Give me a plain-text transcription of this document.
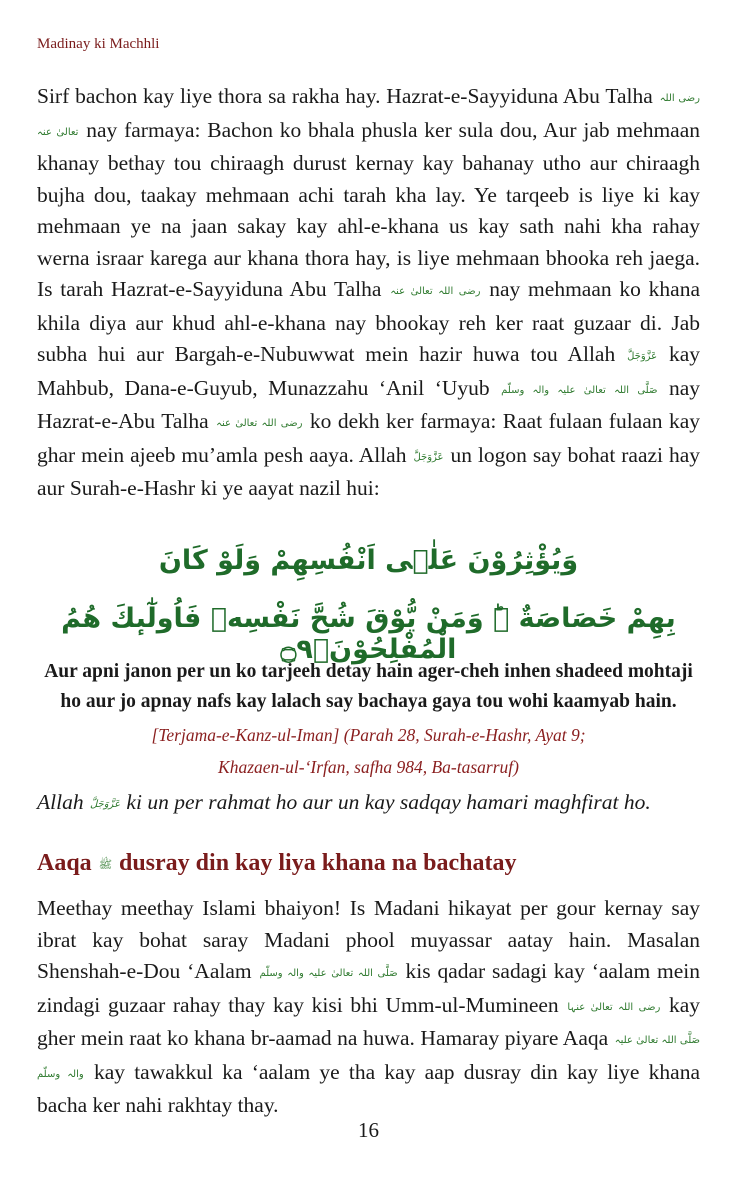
Madinay ki Machhli

Sirf bachon kay liye thora sa rakha hay. Hazrat-e-Sayyiduna Abu Talha رضی اللہ تعالیٰ عنہ nay farmaya: Bachon ko bhala phusla ker sula dou, Aur jab mehmaan khanay bethay tou chiraagh durust kernay kay bahanay utho aur chiraagh bujha dou, taakay mehmaan achi tarah kha lay. Ye tarqeeb is liye ki kay mehmaan ye na jaan sakay kay ahl-e-khana us kay sath nahi kha rahay werna israar karega aur khana thora hay, is liye mehmaan bhooka reh jaega. Is tarah Hazrat-e-Sayyiduna Abu Talha رضی اللہ تعالیٰ عنہ nay mehmaan ko khana khila diya aur khud ahl-e-khana nay bhookay reh ker raat guzaar di. Jab subha hui aur Bargah-e-Nubuwwat mein hazir huwa tou Allah عَزَّوَجَلَّ kay Mahbub, Dana-e-Guyub, Munazzahu ‘Anil ‘Uyub صَلَّی اللہ تعالیٰ علیہ والہ وسلّم nay Hazrat-e-Abu Talha رضی اللہ تعالیٰ عنہ ko dekh ker farmaya: Raat fulaan fulaan kay ghar mein ajeeb mu’amla pesh aaya. Allah عَزَّوَجَلَّ un logon say bohat raazi hay aur Surah-e-Hashr ki ye aayat nazil hui:

وَيُؤْثِرُوْنَ عَلٰۤى اَنْفُسِهِمْ وَلَوْ كَانَ

بِهِمْ خَصَاصَةٌ ۫ؕ وَمَنْ يُّوْقَ شُحَّ نَفْسِهٖ فَاُولٰٓىٕكَ هُمُ الْمُفْلِحُوْنَۚ۝۹

Aur apni janon per un ko tarjeeh detay hain ager-cheh inhen shadeed mohtaji
ho aur jo apnay nafs kay lalach say bachaya gaya tou wohi kaamyab hain.

[Terjama-e-Kanz-ul-Iman] (Parah 28, Surah-e-Hashr, Ayat 9;
Khazaen-ul-‘Irfan, safha 984, Ba-tasarruf)

Allah عَزَّوَجَلَّ ki un per rahmat ho aur un kay sadqay hamari maghfirat ho.

Aaqa ﷺ dusray din kay liya khana na bachatay

Meethay meethay Islami bhaiyon! Is Madani hikayat per gour kernay say ibrat kay bohat saray Madani phool muyassar aatay hain. Masalan Shenshah-e-Dou ‘Aalam صَلَّی اللہ تعالیٰ علیہ والہ وسلّم kis qadar sadagi kay ‘aalam mein zindagi guzaar rahay thay kay kisi bhi Umm-ul-Mumineen رضی اللہ تعالیٰ عنہا kay gher mein raat ko khana br-aamad na huwa. Hamaray piyare Aaqa صَلَّی اللہ تعالیٰ علیہ والہ وسلّم kay tawakkul ka ‘aalam ye tha kay aap dusray din kay liye khana bacha ker nahi rakhtay thay.

16
